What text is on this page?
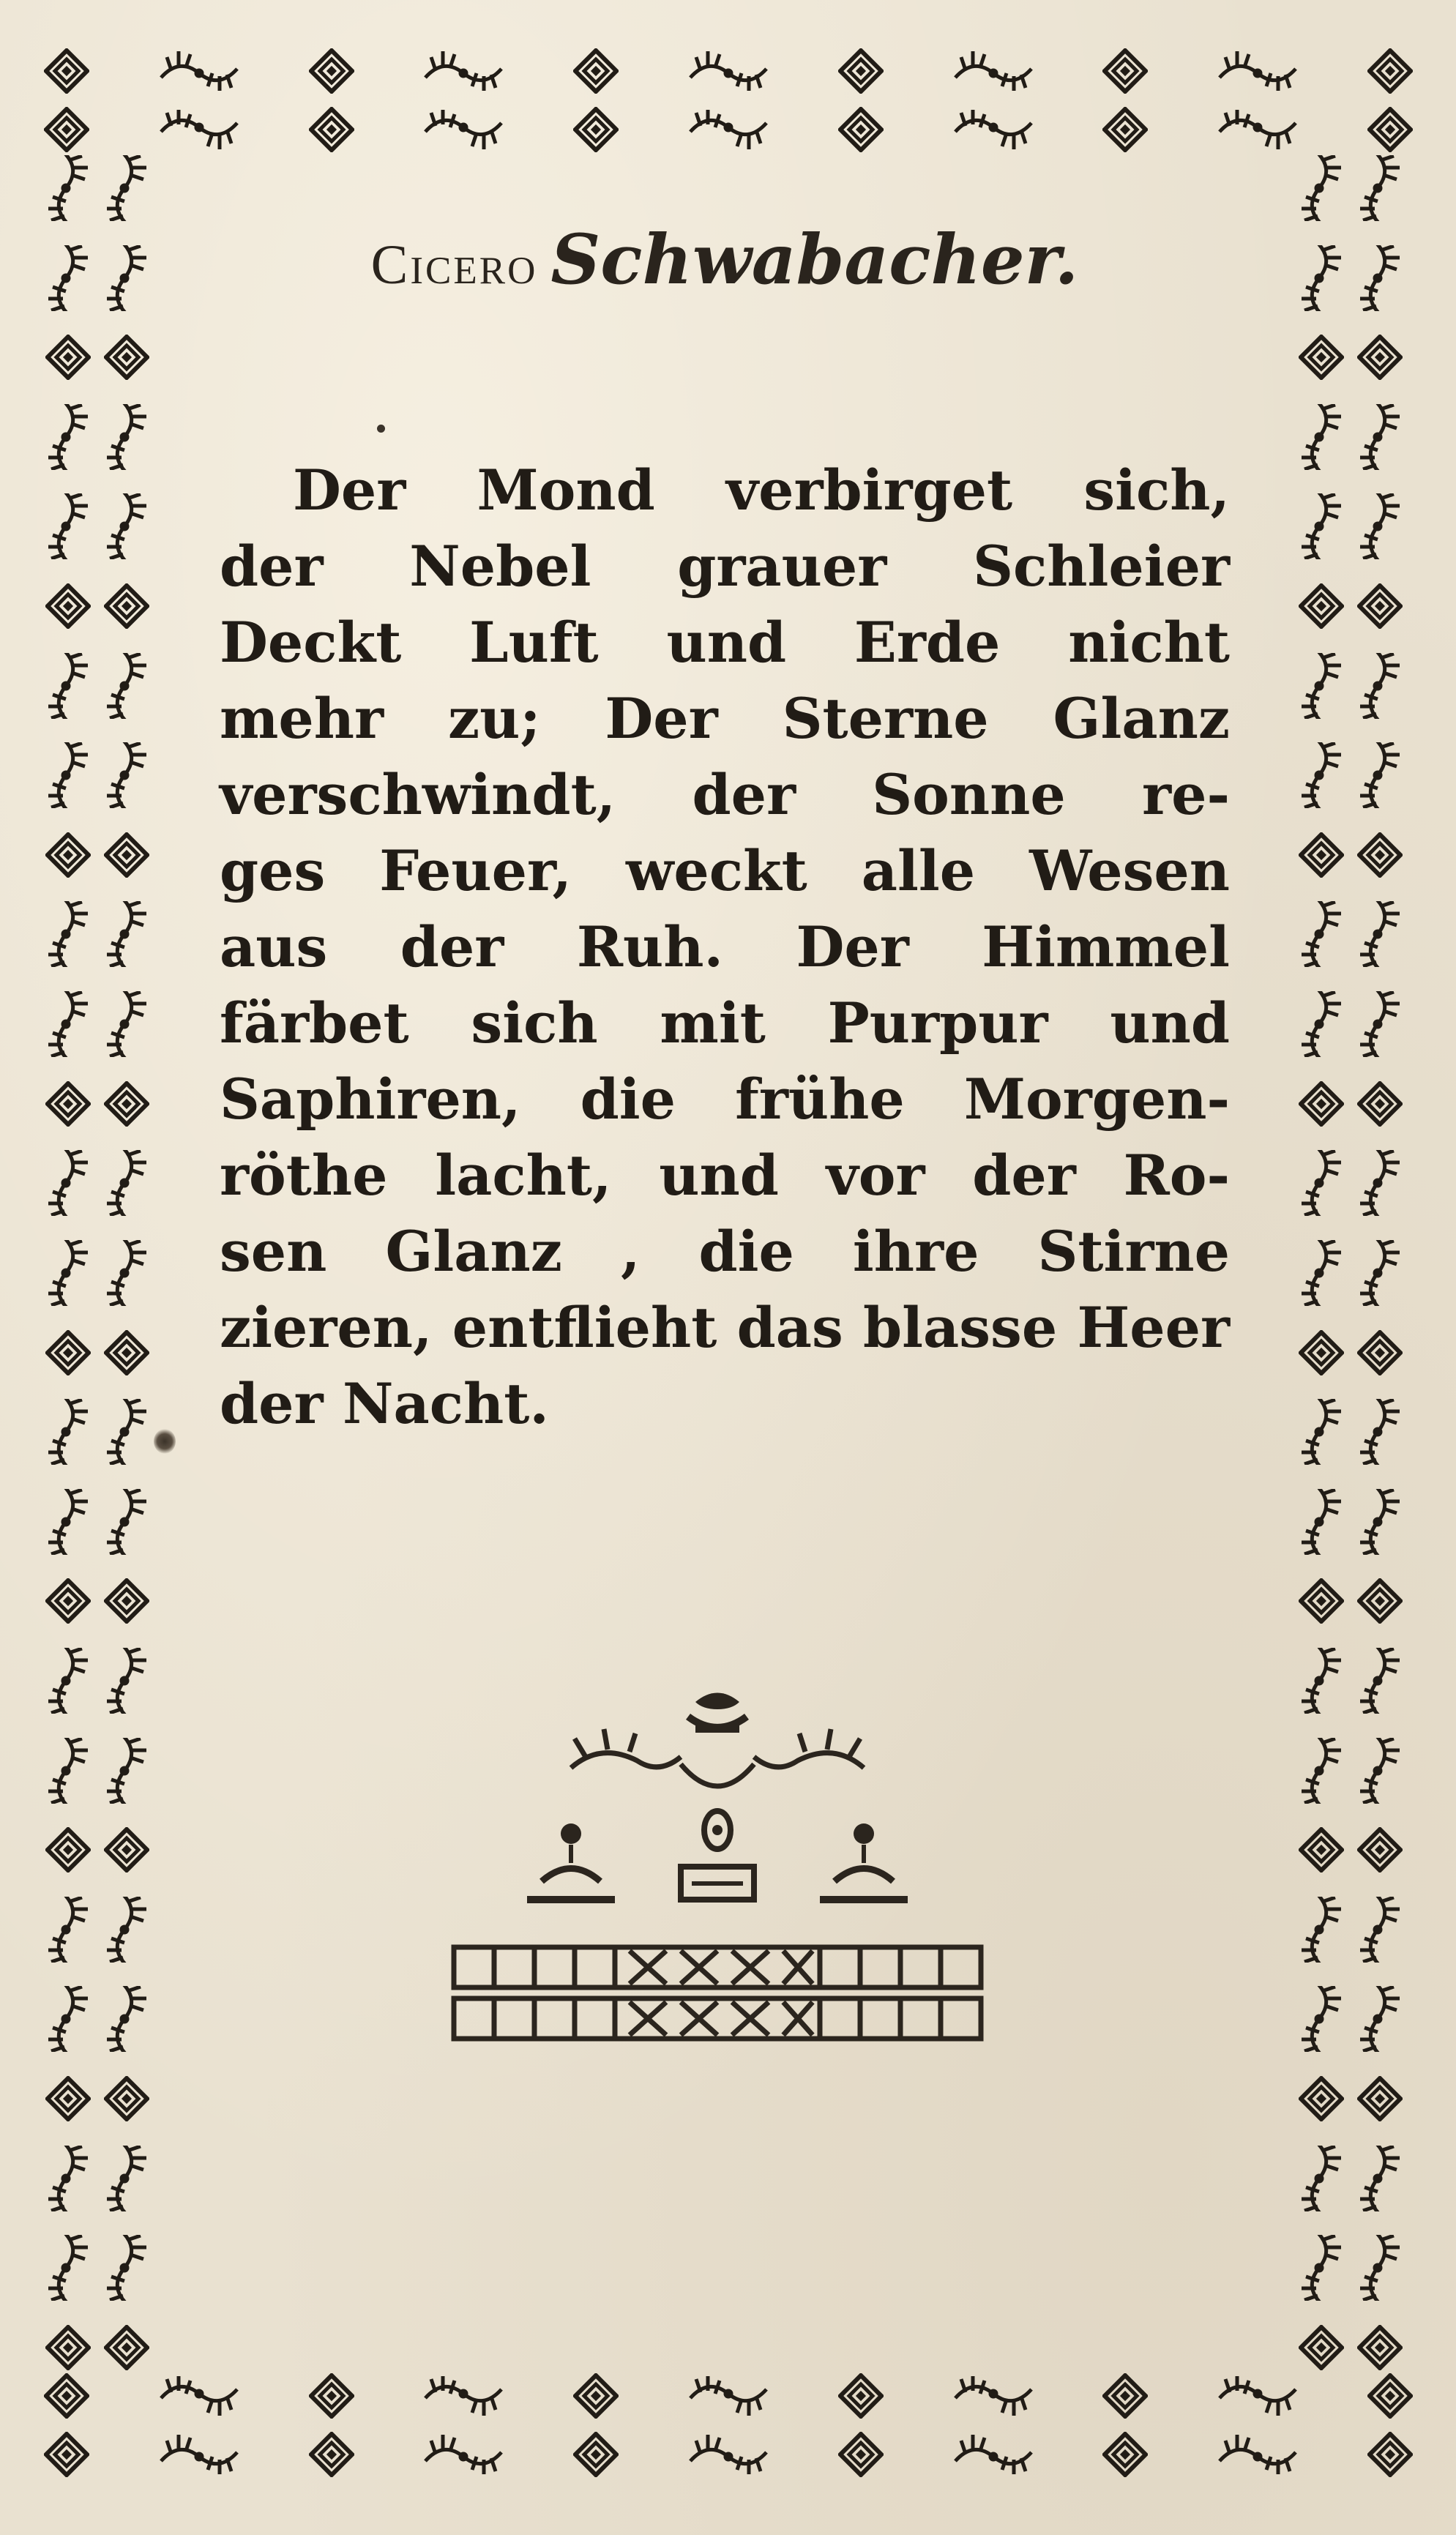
Cicero Schwabacher.
Der Mond verbirget sich,
der Nebel grauer Schleier
Deckt Luft und Erde nicht
mehr zu; Der Sterne Glanz
verschwindt, der Sonne re-
ges Feuer, weckt alle Wesen
aus der Ruh. Der Himmel
färbet sich mit Purpur und
Saphiren, die frühe Morgen-
röthe lacht, und vor der Ro-
sen Glanz , die ihre Stirne
zieren, entflieht das blasse Heer
der Nacht.
